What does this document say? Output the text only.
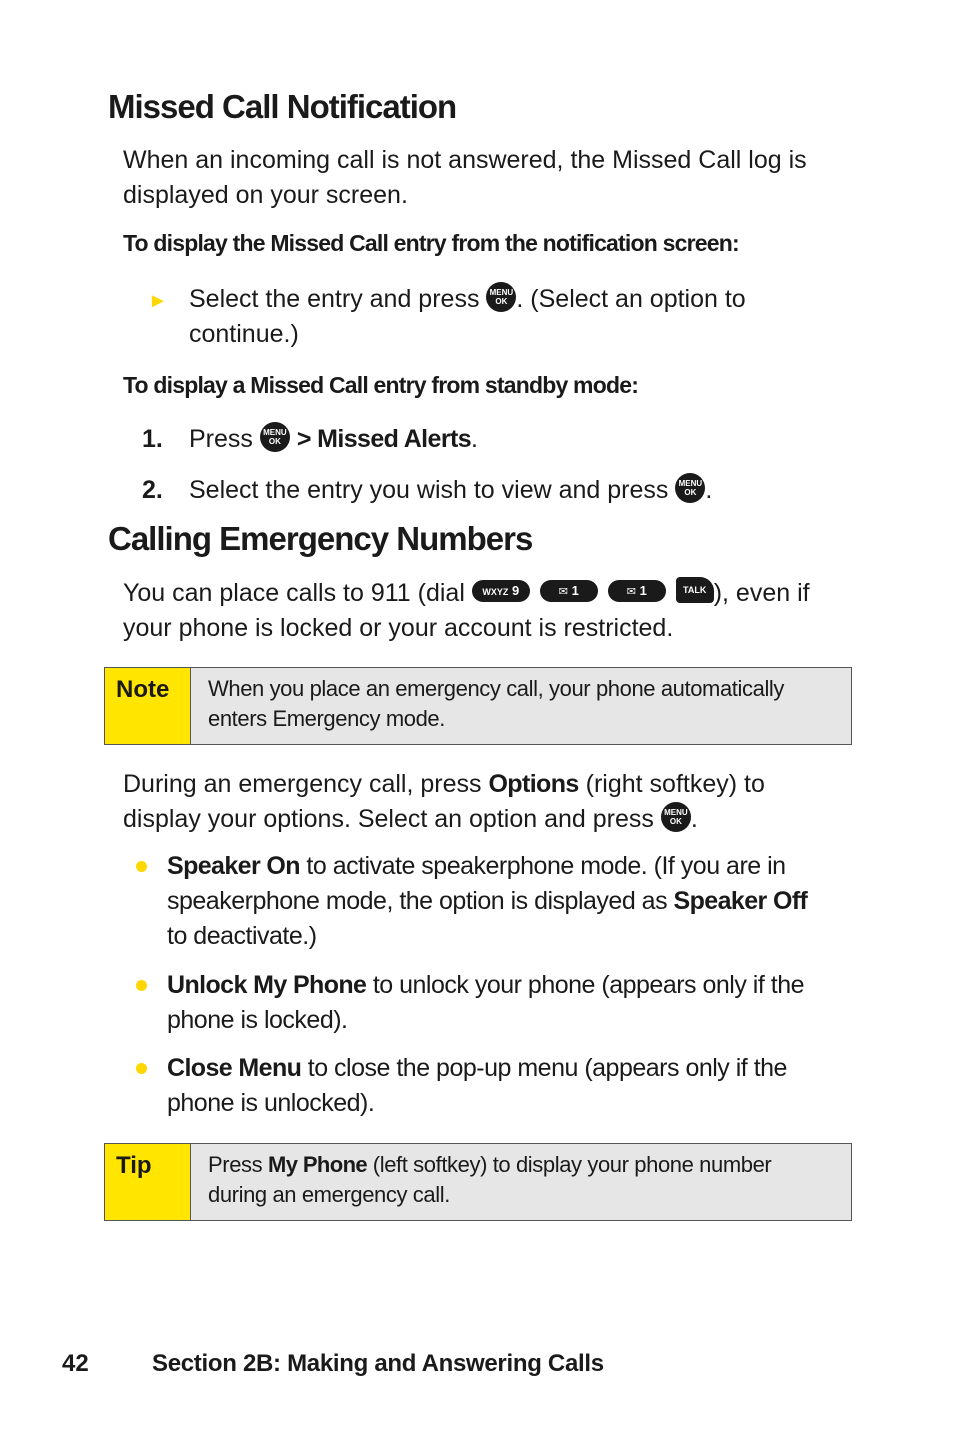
Missed Call Notification
When an incoming call is not answered, the Missed Call log is displayed on your screen.
To display the Missed Call entry from the notification screen:
► Select the entry and press MENU
OK . (Select an option to
continue.)
To display a Missed Call entry from standby mode:
1. Press MENU
OK > Missed Alerts.
2. Select the entry you wish to view and press MENU
OK .
Calling Emergency Numbers
You can place calls to 911 (dial WXYZ 9	✉ 1	✉ 1	TALK ), even if
your phone is locked or your account is restricted.
Note	When you place an emergency call, your phone automatically
enters Emergency mode.
During an emergency call, press Options (right softkey) to
display your options. Select an option and press MENU
OK .
Speaker On to activate speakerphone mode. (If you are in
speakerphone mode, the option is displayed as Speaker Off
to deactivate.)
Unlock My Phone to unlock your phone (appears only if the
phone is locked).
Close Menu to close the pop-up menu (appears only if the
phone is unlocked).
Tip	Press My Phone (left softkey) to display your phone number
during an emergency call.
42	Section 2B: Making and Answering Calls
